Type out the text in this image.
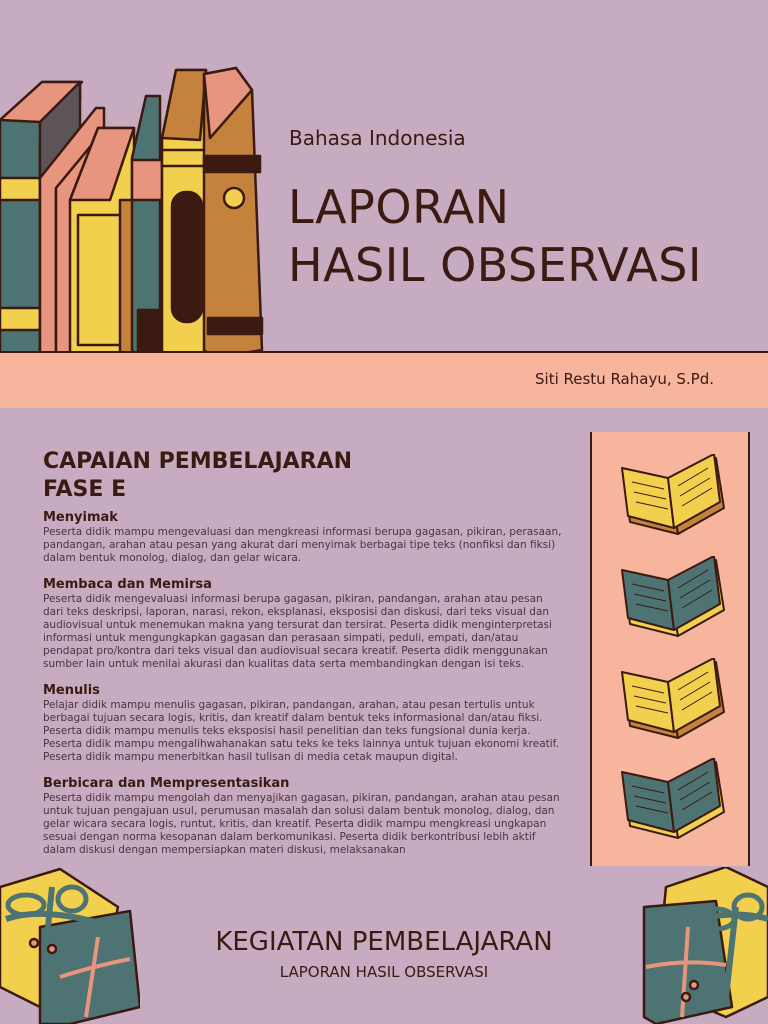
Bahasa Indonesia
LAPORAN
HASIL OBSERVASI
Siti Restu Rahayu, S.Pd.
CAPAIAN PEMBELAJARAN
FASE E

Menyimak

Peserta didik mampu mengevaluasi dan mengkreasi informasi berupa gagasan, pikiran, perasaan, pandangan, arahan atau pesan yang akurat dari menyimak berbagai tipe teks (nonfiksi dan fiksi) dalam bentuk monolog, dialog, dan gelar wicara.

Membaca dan Memirsa

Peserta didik mengevaluasi informasi berupa gagasan, pikiran, pandangan, arahan atau pesan dari teks deskripsi, laporan, narasi, rekon, eksplanasi, eksposisi dan diskusi, dari teks visual dan audiovisual untuk menemukan makna yang tersurat dan tersirat. Peserta didik menginterpretasi informasi untuk mengungkapkan gagasan dan perasaan simpati, peduli, empati, dan/atau pendapat pro/kontra dari teks visual dan audiovisual secara kreatif. Peserta didik menggunakan sumber lain untuk menilai akurasi dan kualitas data serta membandingkan dengan isi teks.

Menulis

Pelajar didik mampu menulis gagasan, pikiran, pandangan, arahan, atau pesan tertulis untuk berbagai tujuan secara logis, kritis, dan kreatif dalam bentuk teks informasional dan/atau fiksi. Peserta didik mampu menulis teks eksposisi hasil penelitian dan teks fungsional dunia kerja. Peserta didik mampu mengalihwahanakan satu teks ke teks lainnya untuk tujuan ekonomi kreatif. Peserta didik mampu menerbitkan hasil tulisan di media cetak maupun digital.

Berbicara dan Mempresentasikan

Peserta didik mampu mengolah dan menyajikan gagasan, pikiran, pandangan, arahan atau pesan untuk tujuan pengajuan usul, perumusan masalah dan solusi dalam bentuk monolog, dialog, dan gelar wicara secara logis, runtut, kritis, dan kreatif. Peserta didik mampu mengkreasi ungkapan sesuai dengan norma kesopanan dalam berkomunikasi. Peserta didik berkontribusi lebih aktif dalam diskusi dengan mempersiapkan materi diskusi, melaksanakan

KEGIATAN PEMBELAJARAN
LAPORAN HASIL OBSERVASI
